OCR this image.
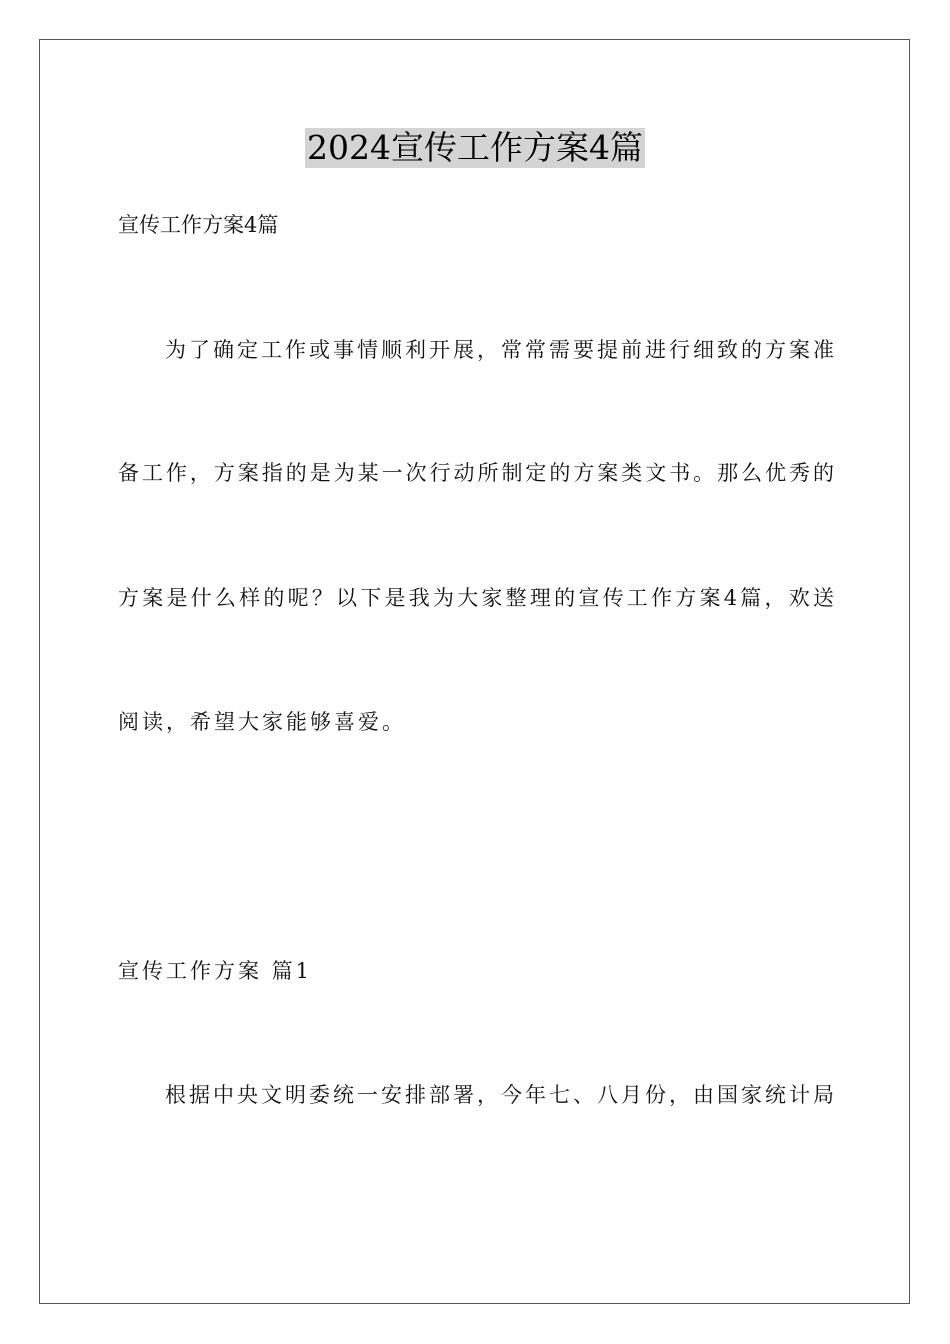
2024宣传工作方案4篇
宣传工作方案4篇
为了确定工作或事情顺利开展，常常需要提前进行细致的方案准
备工作，方案指的是为某一次行动所制定的方案类文书。那么优秀的
方案是什么样的呢？以下是我为大家整理的宣传工作方案4篇，欢送
阅读，希望大家能够喜爱。
宣传工作方案 篇1
根据中央文明委统一安排部署，今年七、八月份，由国家统计局
